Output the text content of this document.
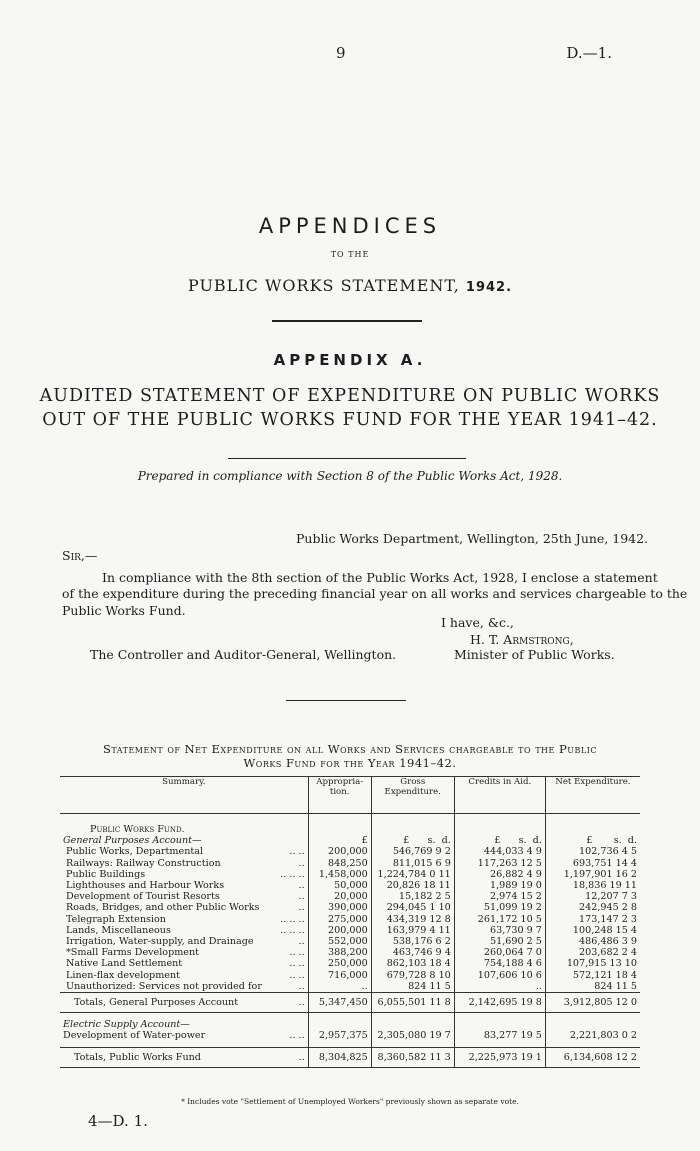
9	D.—1.
APPENDICES
TO THE
PUBLIC WORKS STATEMENT, 1942.
APPENDIX A.
AUDITED STATEMENT OF EXPENDITURE ON PUBLIC WORKS
OUT OF THE PUBLIC WORKS FUND FOR THE YEAR 1941–42.
Prepared in compliance with Section 8 of the Public Works Act, 1928.
Public Works Department, Wellington, 25th June, 1942.
Sir,—
In compliance with the 8th section of the Public Works Act, 1928, I enclose a statement
of the expenditure during the preceding financial year on all works and services chargeable to the
Public Works Fund.
I have, &c.,
H. T. Armstrong,
The Controller and Auditor-General, Wellington.	Minister of Public Works.
Statement of Net Expenditure on all Works and Services chargeable to the Public
Works Fund for the Year 1941–42.
Summary.		Appropria-tion.	Gross Expenditure.	Credits in Aid.	Net Expenditure.
Public Works Fund.					
General Purposes Account—		£	£      s.  d.	£      s.  d.	£       s.  d.
Public Works, Departmental	.. ..	200,000	546,769 9 2	444,033 4 9	102,736 4 5
Railways: Railway Construction	..	848,250	811,015 6 9	117,263 12 5	693,751 14 4
Public Buildings	.. .. ..	1,458,000	1,224,784 0 11	26,882 4 9	1,197,901 16 2
Lighthouses and Harbour Works	..	50,000	20,826 18 11	1,989 19 0	18,836 19 11
Development of Tourist Resorts	..	20,000	15,182 2 5	2,974 15 2	12,207 7 3
Roads, Bridges, and other Public Works	..	390,000	294,045 1 10	51,099 19 2	242,945 2 8
Telegraph Extension	.. .. ..	275,000	434,319 12 8	261,172 10 5	173,147 2 3
Lands, Miscellaneous	.. .. ..	200,000	163,979 4 11	63,730 9 7	100,248 15 4
Irrigation, Water-supply, and Drainage	..	552,000	538,176 6 2	51,690 2 5	486,486 3 9
*Small Farms Development	.. ..	388,200	463,746 9 4	260,064 7 0	203,682 2 4
Native Land Settlement	.. ..	250,000	862,103 18 4	754,188 4 6	107,915 13 10
Linen-flax development	.. ..	716,000	679,728 8 10	107,606 10 6	572,121 18 4
Unauthorized: Services not provided for	..	..	824 11 5	..	824 11 5
Totals, General Purposes Account	..	5,347,450	6,055,501 11 8	2,142,695 19 8	3,912,805 12 0
Electric Supply Account—					
Development of Water-power	.. ..	2,957,375	2,305,080 19 7	83,277 19 5	2,221,803 0 2
Totals, Public Works Fund	..	8,304,825	8,360,582 11 3	2,225,973 19 1	6,134,608 12 2
* Includes vote "Settlement of Unemployed Workers" previously shown as separate vote.
4—D. 1.
